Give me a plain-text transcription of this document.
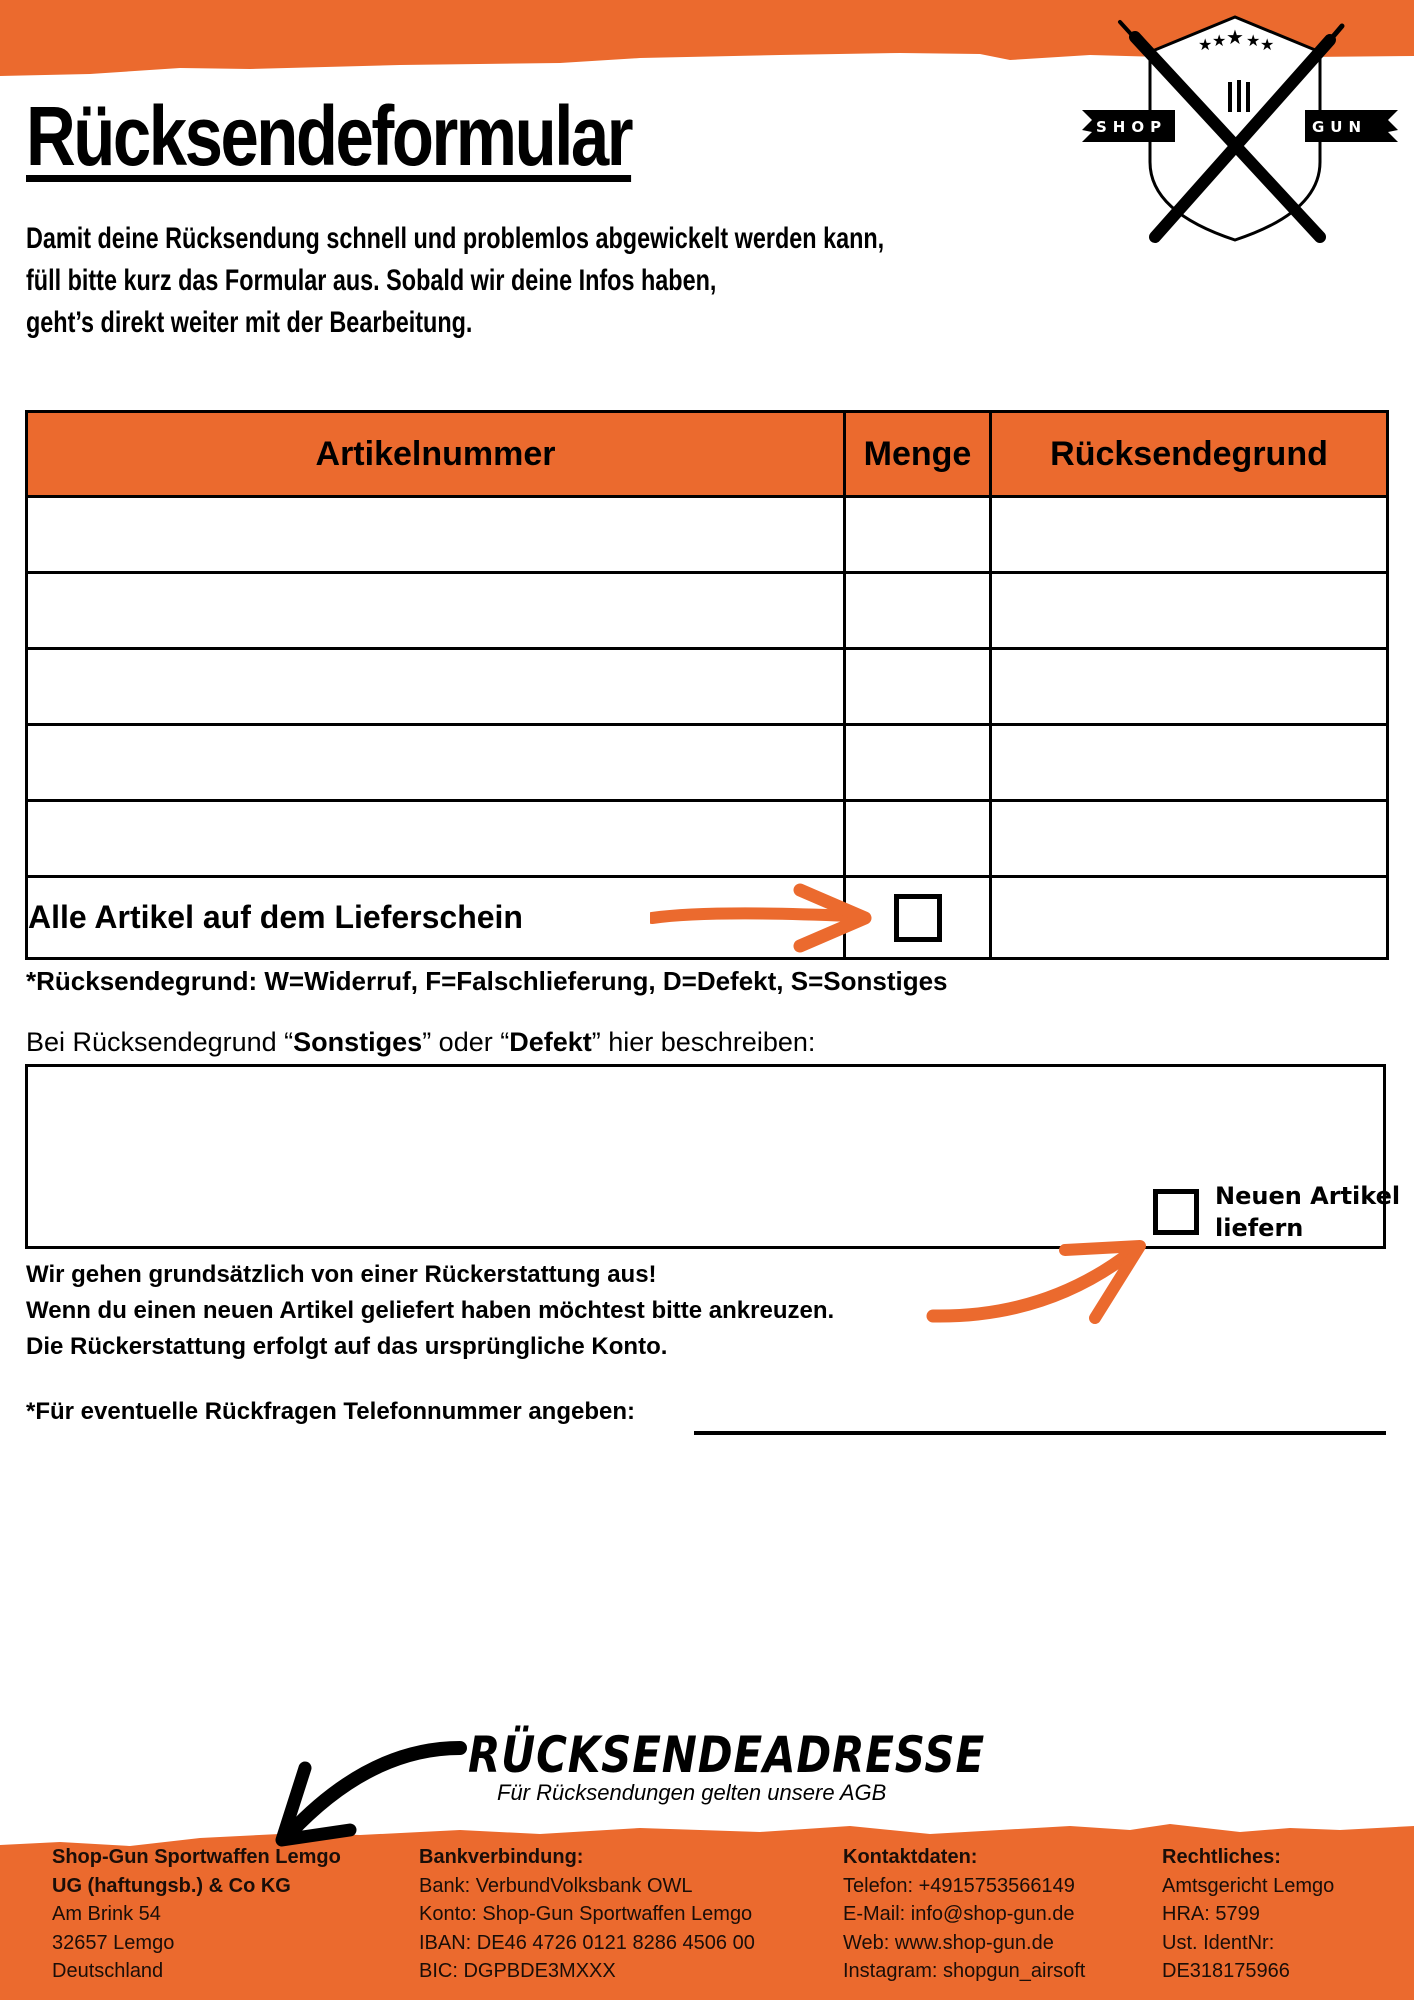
Rücksendeformular
Damit deine Rücksendung schnell und problemlos abgewickelt werden kann,
füll bitte kurz das Formular aus. Sobald wir deine Infos haben,
geht’s direkt weiter mit der Bearbeitung.
★ ★ ★ ★ ★
SHOP	GUN
Artikelnummer	Menge	Rücksendegrund

Alle Artikel auf dem Lieferschein	

*Rücksendegrund: W=Widerruf, F=Falschlieferung, D=Defekt, S=Sonstiges
Bei Rücksendegrund “Sonstiges” oder “Defekt” hier beschreiben:
Neuen Artikel
liefern
Wir gehen grundsätzlich von einer Rückerstattung aus!
Wenn du einen neuen Artikel geliefert haben möchtest bitte ankreuzen.
Die Rückerstattung erfolgt auf das ursprüngliche Konto.
*Für eventuelle Rückfragen Telefonnummer angeben:
RÜCKSENDEADRESSE
Für Rücksendungen gelten unsere AGB
Shop-Gun Sportwaffen Lemgo
UG (haftungsb.) & Co KG
Am Brink 54
32657 Lemgo
Deutschland
Bankverbindung:
Bank: VerbundVolksbank OWL
Konto: Shop-Gun Sportwaffen Lemgo
IBAN: DE46 4726 0121 8286 4506 00
BIC: DGPBDE3MXXX
Kontaktdaten:
Telefon: +4915753566149
E-Mail: info@shop-gun.de
Web: www.shop-gun.de
Instagram: shopgun_airsoft
Rechtliches:
Amtsgericht Lemgo
HRA: 5799
Ust. IdentNr:
DE318175966
